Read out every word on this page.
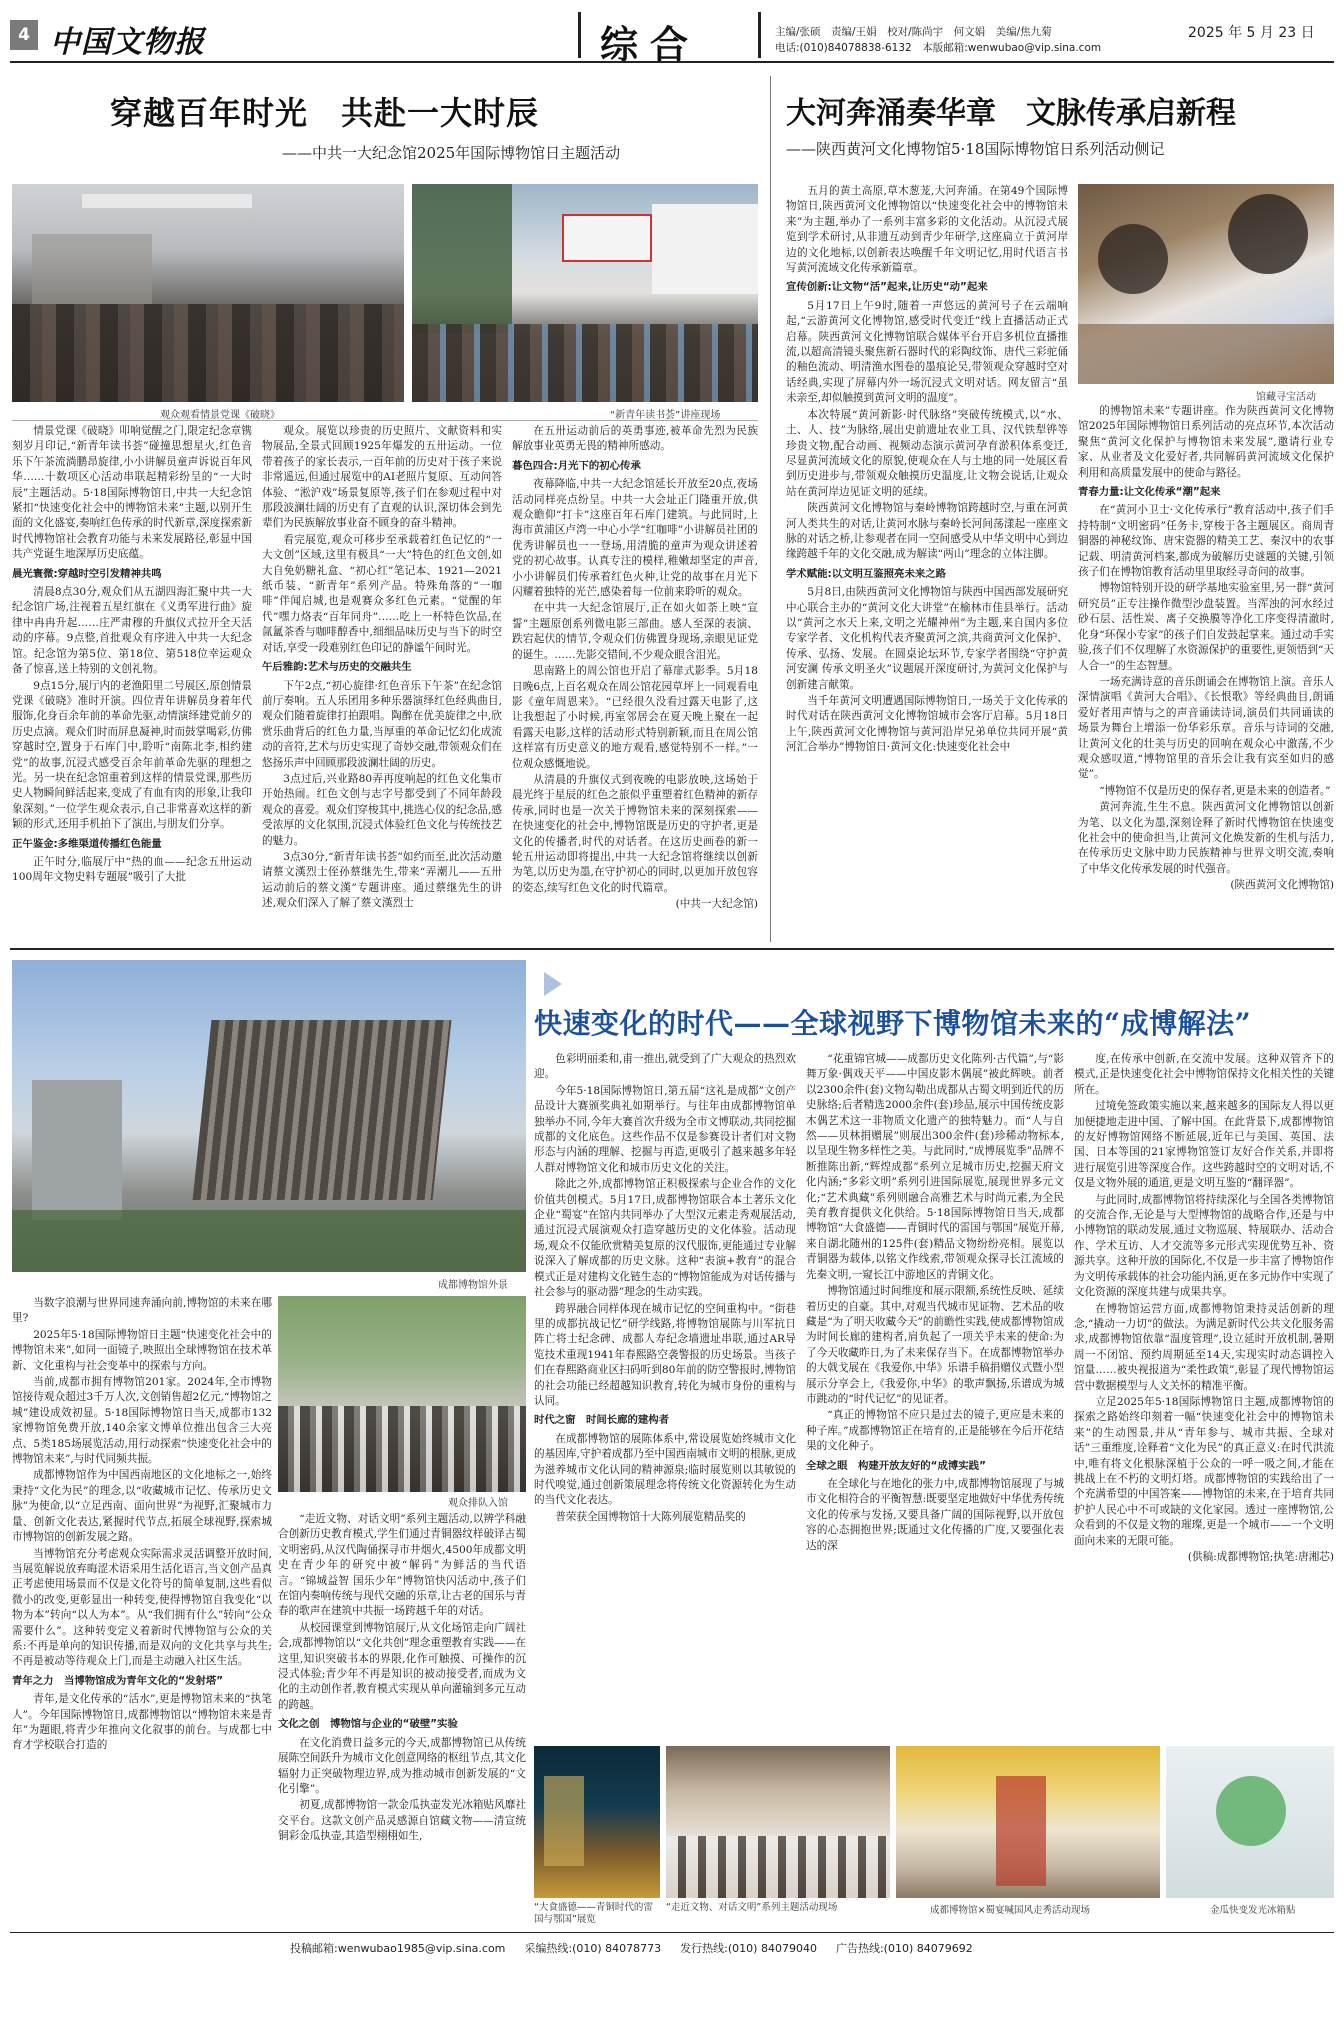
4 中国文物报	综合	主编/张硕　责编/王娟　校对/陈尚宇　何文娟　美编/焦九菊
电话:(010)84078838-6132　本版邮箱:wenwubao@vip.sina.com
2025 年 5 月 23 日
穿越百年时光　共赴一大时辰
——中共一大纪念馆2025年国际博物馆日主题活动
观众观看情景党课《破晓》	“新青年读书荟”讲座现场

情景党课《破晓》叩响觉醒之门,限定纪念章镌刻岁月印记,“新青年读书荟”碰撞思想星火,红色音乐下午茶流淌鹏昂旋律,小小讲解员童声诉说百年风华……十数项区心活动串联起精彩纷呈的“一大时辰”主题活动。5·18国际博物馆日,中共一大纪念馆紧扣“快速变化社会中的博物馆未来”主题,以别开生面的文化盛宴,奏响红色传承的时代新章,深度探索新时代博物馆社会教育功能与未来发展路径,彰显中国共产党诞生地深厚历史底蕴。

晨光寰微:穿越时空引发精神共鸣

清晨8点30分,观众们从五湖四海汇聚中共一大纪念馆广场,注视着五星红旗在《义勇军进行曲》旋律中冉冉升起……庄严肃穆的升旗仪式拉开全天活动的序幕。9点整,首批观众有序进入中共一大纪念馆。纪念馆为第5位、第18位、第518位幸运观众备了惊喜,送上特别的文创礼物。

9点15分,展厅内的老渔阳里二号展区,原创情景党课《破晓》准时开演。四位青年讲解员身着年代服饰,化身百余年前的革命先驱,动情演绎建党前夕的历史点滴。观众们时而屏息凝神,时而鼓掌喝彩,仿佛穿越时空,置身于石库门中,聆听“南陈北李,相约建党”的故事,沉浸式感受百余年前革命先驱的理想之光。另一块在纪念馆重着到这样的情景党课,那些历史人物瞬间鲜活起来,变成了有血有肉的形象,让我印象深刻。”一位学生观众表示,自己非常喜欢这样的新颖的形式,还用手机拍下了演出,与朋友们分享。

正午鉴金:多维渠道传播红色能量

正午时分,临展厅中“热的血——纪念五卅运动100周年文物史料专题展”吸引了大批

观众。展览以珍贵的历史照片、文献资料和实物展品,全景式回顾1925年爆发的五卅运动。一位带着孩子的家长表示,一百年前的历史对于孩子来说非常遥远,但通过展览中的AI老照片复原、互动问答体验、“淞沪戏”场景复原等,孩子们在参观过程中对那段波澜壮阔的历史有了直观的认识,深切体会到先辈们为民族解放事业奋不顾身的奋斗精神。

看完展览,观众可移步至承载着红色记忆的“一大文创”区域,这里有极具“一大”特色的红色文创,如大自免奶糖礼盒、“初心红”笔记本、1921—2021纸币装、“新青年”系列产品。特殊角落的“一咖啡”伴闻启城,也是观赛众多红色元素。“觉醒的年代”嘿力烙表“百年同舟”……吃上一杯特色饮品,在氤氲茶香与咖啡醇香中,细细品味历史与当下的时空对话,享受一段难别红色印记的静谧午间时光。

午后雅韵:艺术与历史的交融共生

下午2点,“初心旋律·红色音乐下午茶”在纪念馆前厅奏响。五人乐团用多种乐器演绎红色经典曲目,观众们随着旋律打拍跟唱。陶醉在优美旋律之中,欣赏乐曲背后的红色力量,当厚重的革命记忆幻化成流动的音符,艺术与历史实现了奇妙交融,带领观众们在悠扬乐声中回顾那段波澜壮阔的历史。

3点过后,兴业路80弄再度响起的红色文化集市开始热闹。红色文创与志字号都受到了不同年龄段观众的喜爱。观众们穿梭其中,挑选心仪的纪念品,感受浓厚的文化氛围,沉浸式体验红色文化与传统技艺的魅力。

3点30分,“新青年读书荟”如约而至,此次活动邀请蔡文漢烈士侄孙蔡继先生,带来“弄潮儿——五卅运动前后的蔡文漢”专题讲座。通过蔡继先生的讲述,观众们深入了解了蔡文漢烈士

在五卅运动前后的英勇事迹,被革命先烈为民族解放事业英勇无畏的精神所感动。

暮色四合:月光下的初心传承

夜幕降临,中共一大纪念馆延长开放至20点,夜场活动同样亮点纷呈。中共一大会址正门隆重开放,供观众瞻仰“打卡”这座百年石库门建筑。与此同时,上海市黄浦区卢湾一中心小学“红咖啡”小讲解员社团的优秀讲解员也一一登场,用清脆的童声为观众讲述着党的初心故事。认真专注的模样,稚嫩却坚定的声音,小小讲解员们传承着红色火种,让党的故事在月光下闪耀着独特的光芒,感染着每一位前来聆听的观众。

在中共一大纪念馆展厅,正在如火如荼上映“宣誓”主题原创系列微电影三部曲。感人至深的表演、跌宕起伏的情节,令观众们仿佛置身现场,亲眼见证党的诞生。……先影交错间,不少观众眼含泪光。

思南路上的周公馆也开启了幕扉式影季。5月18日晚6点,上百名观众在周公馆花园草坪上一同观看电影《童年周恩来》。“已经很久没看过露天电影了,这让我想起了小时候,再室邻居会在夏天晚上聚在一起看露天电影,这样的活动形式特别新颖,而且在周公馆这样富有历史意义的地方观看,感觉特别不一样。”一位观众感慨地说。

从清晨的升旗仪式到夜晚的电影放映,这场始于晨光终于星辰的红色之旅似乎重塑着红色精神的新存传承,同时也是一次关于博物馆未来的深刻探索——在快速变化的社会中,博物馆既是历史的守护者,更是文化的传播者,时代的对话者。在这历史画卷的新一轮五卅运动即将提出,中共一大纪念馆将继续以创新为笔,以历史为墨,在守护初心的同时,以更加开放包容的姿态,续写红色文化的时代篇章。

(中共一大纪念馆)
大河奔涌奏华章　文脉传承启新程
——陕西黄河文化博物馆5·18国际博物馆日系列活动侧记

五月的黄土高原,草木葱茏,大河奔涌。在第49个国际博物馆日,陕西黄河文化博物馆以“快速变化社会中的博物馆未来”为主题,举办了一系列丰富多彩的文化活动。从沉浸式展览到学术研讨,从非遗互动到青少年研学,这座扁立于黄河岸边的文化地标,以创新表达唤醒千年文明记忆,用时代语言书写黄河流域文化传承新篇章。

宣传创新:让文物“活”起来,让历史“动”起来

5月17日上午9时,随着一声悠远的黄河号子在云端响起,“云游黄河文化博物馆,感受时代变迁”线上直播活动正式启幕。陕西黄河文化博物馆联合媒体平台开启多机位直播推流,以超高清镜头聚焦新石器时代的彩陶纹饰、唐代三彩驼俑的釉色流动、明清渔水图卷的墨痕论吴,带领观众穿越时空对话经典,实现了屏幕内外一场沉浸式文明对话。网友留言“虽未亲至,却似触摸到黄河文明的温度”。

本次特展“黄河新影·时代脉络”突破传统模式,以“水、土、人、技”为脉络,展出史前遗址农业工具、汉代铁犁铧等珍贵文物,配合动画、视频动态演示黄河孕育淤积体系变迁,尽显黄河流域文化的原貌,使观众在人与土地的同一处展区看到历史进步与,带领观众触摸历史温度,让文物会说话,让观众站在黄河岸边见证文明的延续。

陕西黄河文化博物馆与秦岭博物馆跨越时空,与重在河黄河人类共生的对话,让黄河水脉与秦岭长河间荡漾起一座座文脉的对话之桥,让参观者在同一空间感受从中华文明中心到边缘跨越千年的文化交融,成为解读“两山”理念的立体注脚。

学术赋能:以文明互鉴照亮未来之路

5月8日,由陕西黄河文化博物馆与陕西中国西部发展研究中心联合主办的“黄河文化大讲堂”在榆林市佳县举行。活动以“黄河之水天上来,文明之光耀神州”为主题,来自国内多位专家学者、文化机构代表齐聚黄河之滨,共商黄河文化保护、传承、弘扬、发展。在圆桌论坛环节,专家学者围绕“守护黄河安澜 传承文明圣火”议题展开深度研讨,为黄河文化保护与创新建言献策。

当千年黄河文明遭遇国际博物馆日,一场关于文化传承的时代对话在陕西黄河文化博物馆城市会客厅启幕。5月18日上午,陕西黄河文化博物馆与黄河沿岸兄弟单位共同开展“黄河汇合举办”博物馆日·黄河文化:快速变化社会中

馆藏寻宝活动

的博物馆未来”专题讲座。作为陕西黄河文化博物馆2025年国际博物馆日系列活动的亮点环节,本次活动聚焦“黄河文化保护与博物馆未来发展”,邀请行业专家、从业者及文化爱好者,共同解码黄河流域文化保护利用和高质量发展中的使命与路径。

青春力量:让文化传承“潮”起来

在“黄河小卫士·文化传承行”教育活动中,孩子们手持特制“文明密码”任务卡,穿梭于各主题展区。商周青铜器的神秘纹饰、唐宋瓷器的精美工艺、秦汉中的农事记载、明清黄河档案,都成为破解历史谜题的关键,引领孩子们在博物馆教育活动里里取经寻奇问的故事。

博物馆特别开设的研学基地实验室里,另一群“黄河研究员”正专注操作微型沙盘装置。当浑浊的河水经过砂石层、活性炭、离子交换膜等净化工序变得清澈时,化身“环保小专家”的孩子们自发鼓起掌来。通过动手实验,孩子们不仅理解了水资源保护的重要性,更领悟到“天人合一”的生态智慧。

一场充满诗意的音乐朗诵会在博物馆上演。音乐人深情演唱《黄河大合唱》、《长恨歌》等经典曲目,朗诵爱好者用声情与之的声音诵读诗词,演员们共同诵读的场景为舞台上增添一份华彩乐章。音乐与诗词的交融,让黄河文化的壮美与历史的回响在观众心中激荡,不少观众感叹道,“博物馆里的音乐会让我有宾至如归的感觉”。

“博物馆不仅是历史的保存者,更是未来的创造者。”

黄河奔流,生生不息。陕西黄河文化博物馆以创新为笔、以文化为墨,深刻诠释了新时代博物馆在快速变化社会中的使命担当,让黄河文化焕发新的生机与活力,在传承历史文脉中助力民族精神与世界文明交流,奏响了中华文化传承发展的时代强音。

(陕西黄河文化博物馆)
成都博物馆外景
快速变化的时代——全球视野下博物馆未来的“成博解法”

当数字浪潮与世界同速奔涌向前,博物馆的未来在哪里?

2025年5·18国际博物馆日主题“快速变化社会中的博物馆未来”,如同一面镜子,映照出全球博物馆在技术革新、文化重构与社会变革中的探索与方向。

当前,成都市拥有博物馆201家。2024年,全市博物馆接待观众超过3千万人次,文创销售超2亿元,“博物馆之城”建设成效初显。5·18国际博物馆日当天,成都市132家博物馆免费开放,140余家文博单位推出包含三大亮点、5类185场展览活动,用行动探索“快速变化社会中的博物馆未来”,与时代同频共振。

成都博物馆作为中国西南地区的文化地标之一,始终秉持“文化为民”的理念,以“收藏城市记忆、传承历史文脉”为使命,以“立足西南、面向世界”为视野,汇聚城市力量、创新文化表达,紧握时代节点,拓展全球视野,探索城市博物馆的创新发展之路。

当博物馆充分考虑观众实际需求灵活调整开放时间,当展览解说放弃晦涩术语采用生活化语言,当文创产品真正考虑使用场景而不仅是文化符号的简单复制,这些看似微小的改变,更彰显出一种转变,使得博物馆自我变化“以物为本”转向“以人为本”。从“我们拥有什么”转向“公众需要什么”。这种转变定义着新时代博物馆与公众的关系:不再是单向的知识传播,而是双向的文化共享与共生;不再是被动等待观众上门,而是主动融入社区生活。

青年之力　当博物馆成为青年文化的“发射塔”

青年,是文化传承的“活水”,更是博物馆未来的“执笔人”。今年国际博物馆日,成都博物馆以“博物馆未来是青年”为题眼,将青少年推向文化叙事的前台。与成都七中育才学校联合打造的

观众排队入馆

“走近文物、对话文明”系列主题活动,以辨学科融合创新历史教育模式,学生们通过青铜器纹样破译古蜀文明密码,从汉代陶俑探寻市井烟火,4500年成都文明史在青少年的研究中被“解码”为鲜活的当代语言。“锦城益智 国乐少年”博物馆快闪活动中,孩子们在馆内奏响传统与现代交融的乐章,让古老的国乐与青春的歌声在建筑中共振一场跨越千年的对话。

从校园课堂到博物馆展厅,从文化场馆走向广阔社会,成都博物馆以“文化共创”理念重塑教育实践——在这里,知识突破书本的界限,化作可触摸、可操作的沉浸式体验;青少年不再是知识的被动接受者,而成为文化的主动创作者,教育模式实现从单向灌输到多元互动的跨越。

文化之创　博物馆与企业的“破壁”实验

在文化消费日益多元的今天,成都博物馆已从传统展陈空间跃升为城市文化创意网络的枢纽节点,其文化辐射力正突破物理边界,成为推动城市创新发展的“文化引擎”。

初夏,成都博物馆一款金瓜执壶发光冰箱贴风靡社交平台。这款文创产品灵感源自馆藏文物——清宣统铜彩金瓜执壶,其造型栩栩如生,

色彩明丽柔和,甫一推出,就受到了广大观众的热烈欢迎。

今年5·18国际博物馆日,第五届“这礼是成都”文创产品设计大赛颁奖典礼如期举行。与往年由成都博物馆单独举办不同,今年大赛首次升级为全市文博联动,共同挖掘成都的文化底色。这些作品不仅是参赛设计者们对文物形态与内涵的理解、挖掘与再造,更吸引了越来越多年轻人群对博物馆文化和城市历史文化的关注。

除此之外,成都博物馆正积极探索与企业合作的文化价值共创模式。5月17日,成都博物馆联合本土著乐文化企业“蜀宴”在馆内共同举办了大型汉元素走秀观展活动,通过沉浸式展演观众打造穿越历史的文化体验。活动现场,观众不仅能欣赏精美复原的汉代服饰,更能通过专业解说深入了解成都的历史文脉。这种“表演+教育”的混合模式正是对建构文化链生态的“博物馆能成为对话传播与社会参与的驱动器”理念的生动实践。

跨界融合同样体现在城市记忆的空间重构中。“街巷里的成都抗战记忆”研学线路,将博物馆展陈与川军抗日阵亡将士纪念碑、成都人寿纪念墙遗址串联,通过AR导览技术重现1941年春熙路空袭警报的历史场景。当孩子们在春熙路商业区扫码听到80年前的防空警报时,博物馆的社会功能已经超越知识教育,转化为城市身份的重构与认同。

时代之窗　时间长廊的建构者

在成都博物馆的展陈体系中,常设展览始终城市文化的基因库,守护着成都乃至中国西南城市文明的根脉,更成为滋养城市文化认同的精神源泉;临时展览则以其敏锐的时代嗅觉,通过创新策展理念将传统文化资源转化为生动的当代文化表达。

普荣获全国博物馆十大陈列展览精品奖的

“花重锦官城——成都历史文化陈列·古代篇”,与“影舞万象·偶戏天平——中国皮影木偶展”被此辉映。前者以2300余件(套)文物勾勒出成都从古蜀文明到近代的历史脉络;后者精选2000余件(套)珍品,展示中国传统皮影木偶艺术这一非物质文化遗产的独特魅力。而“人与自然——贝林捐赠展”则展出300余件(套)珍稀动物标本,以呈现生物多样性之美。与此同时,“成博展览季”品牌不断推陈出新,“辉煌成都”系列立足城市历史,挖掘天府文化内涵;“多彩文明”系列引进国际展览,展现世界多元文化;“艺术典藏”系列则融合高雅艺术与时尚元素,为全民美育教育提供文化供给。5·18国际博物馆日当天,成都博物馆“大食盛德——青铜时代的雷国与鄂国”展览开幕,来自湖北随州的125件(套)精品文物纷纷亮相。展览以青铜器为载体,以铭文作线索,带领观众探寻长江流域的先秦文明,一窥长江中游地区的青铜文化。

博物馆通过时间维度和展示限额,系统性反映、延续着历史的自豪。其中,对观当代城市见证物、艺术品的收藏是“为了明天收藏今天”的前瞻性实践,使成都博物馆成为时间长廊的建构者,肩负起了一项关乎未来的使命:为了今天收藏昨日,为了未来保存当下。在成都博物馆举办的大戟戈展在《我爱你,中华》乐谱手稿捐赠仪式暨小型展示分享会上,《我爱你,中华》的歌声飘扬,乐谱成为城市跳动的“时代记忆”的见证者。

“真正的博物馆不应只是过去的镜子,更应是未来的种子库。”成都博物馆正在培育的,正是能够在今后开花结果的文化种子。

全球之眼　构建开放友好的“成博实践”

在全球化与在地化的张力中,成都博物馆展现了与城市文化相符合的平衡智慧:既要坚定地做好中华优秀传统文化的传承与发扬,又要具备广阔的国际视野,以开放包容的心态拥抱世界;既通过文化传播的广度,又要强化表达的深

度,在传承中创新,在交流中发展。这种双管齐下的模式,正是快速变化社会中博物馆保持文化相关性的关键所在。

过境免签政策实施以来,越来越多的国际友人得以更加便捷地走进中国、了解中国。在此背景下,成都博物馆的友好博物馆网络不断延展,近年已与美国、英国、法国、日本等国的21家博物馆签订友好合作关系,并即将进行展览引进等深度合作。这些跨越时空的文明对话,不仅是文物外展的通道,更是文明互鉴的“翻译器”。

与此同时,成都博物馆将持续深化与全国各类博物馆的交流合作,无论是与大型博物馆的战略合作,还是与中小博物馆的联动发展,通过文物巡展、特展联办、活动合作、学术互访、人才交流等多元形式实现优势互补、资源共享。这种开放的国际化,不仅是一步丰富了博物馆作为文明传承载体的社会功能内涵,更在多元协作中实现了文化资源的深度共建与成果共享。

在博物馆运营方面,成都博物馆秉持灵活创新的理念,“撬动一力切”的做法。为满足新时代公共文化服务需求,成都博物馆依靠“温度管理”,设立延时开放机制,暑期周一不闭馆、预约周期延至14天,实现实时动态调控入馆量……被央视报道为“柔性政策”,彰显了现代博物馆运营中数据模型与人文关怀的精准平衡。

立足2025年5·18国际博物馆日主题,成都博物馆的探索之路始终印刻着一幅“快速变化社会中的博物馆未来”的生动图景,并从“青年参与、城市共振、全球对话”三重维度,诠释着“文化为民”的真正意义:在时代洪流中,唯有将文化根脉深植于公众的一呼一吸之间,才能在挑战上在不朽的文明灯塔。成都博物馆的实践给出了一个充满希望的中国答案——博物馆的未来,在于培育共同护护人民心中不可或缺的文化家园。透过一座博物馆,公众看到的不仅是文物的璀璨,更是一个城市——一个文明面向未来的无限可能。

(供稿:成都博物馆;执笔:唐湘芯)
“大食盛德——青铜时代的雷国与鄂国”展览
“走近文物、对话文明”系列主题活动现场	成都博物馆×蜀宴喊国风走秀活动现场	金瓜快变发光冰箱贴
投稿邮箱:wenwubao1985@vip.sina.com 采编热线:(010) 84078773 发行热线:(010) 84079040 广告热线:(010) 84079692
